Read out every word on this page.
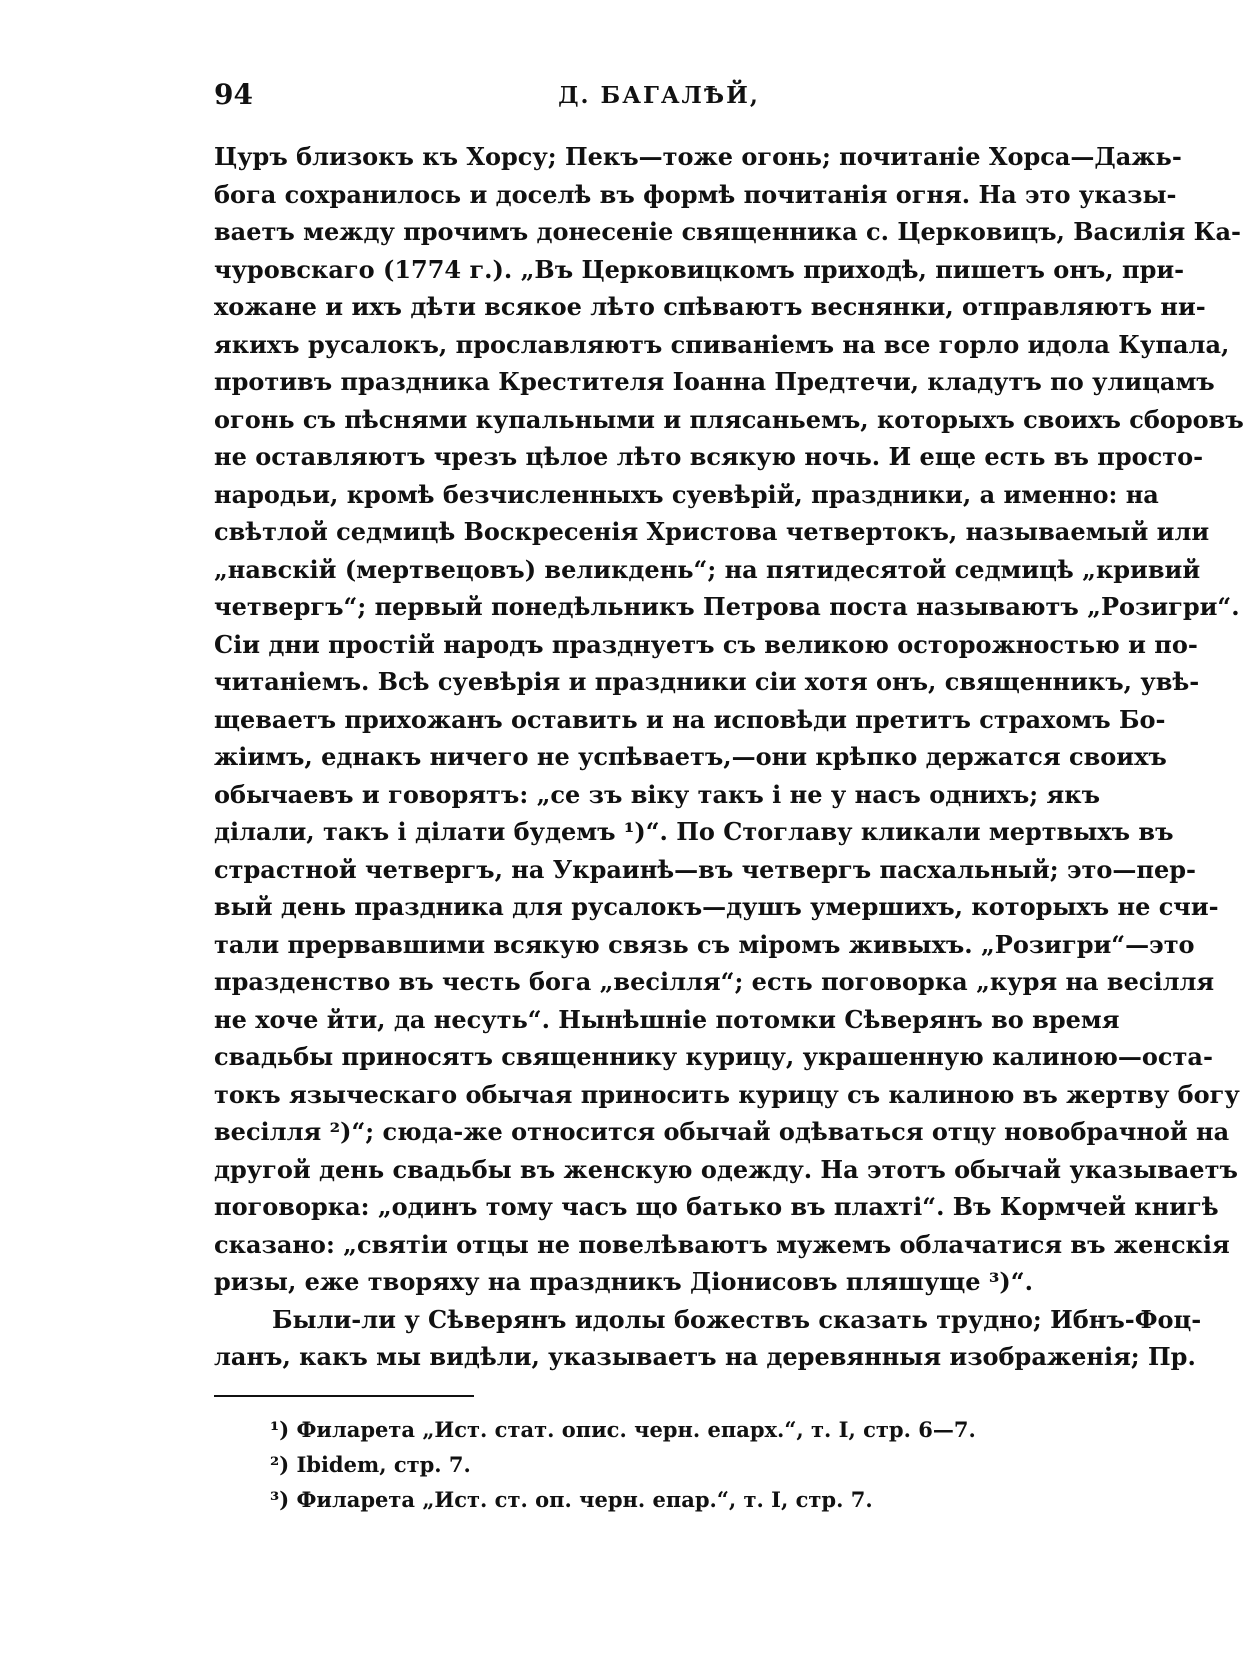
94	Д. БАГАЛѢЙ,
Цуръ близокъ къ Хорсу; Пекъ—тоже огонь; почитаніе Хорса—Дажь-
бога сохранилось и доселѣ въ формѣ почитанія огня. На это указы-
ваетъ между прочимъ донесеніе священника с. Церковицъ, Василія Ка-
чуровскаго (1774 г.). „Въ Церковицкомъ приходѣ, пишетъ онъ, при-
хожане и ихъ дѣти всякое лѣто спѣваютъ веснянки, отправляютъ ни-
якихъ русалокъ, прославляютъ спиваніемъ на все горло идола Купала,
противъ праздника Крестителя Іоанна Предтечи, кладутъ по улицамъ
огонь съ пѣснями купальными и плясаньемъ, которыхъ своихъ сборовъ
не оставляютъ чрезъ цѣлое лѣто всякую ночь. И еще есть въ просто-
народьи, кромѣ безчисленныхъ суевѣрій, праздники, а именно: на
свѣтлой седмицѣ Воскресенія Христова четвертокъ, называемый или
„навскій (мертвецовъ) великдень“; на пятидесятой седмицѣ „кривий
четвергъ“; первый понедѣльникъ Петрова поста называютъ „Розигри“.
Сіи дни простій народъ празднуетъ съ великою осторожностью и по-
читаніемъ. Всѣ суевѣрія и праздники сіи хотя онъ, священникъ, увѣ-
щеваетъ прихожанъ оставить и на исповѣди претитъ страхомъ Бо-
жіимъ, еднакъ ничего не успѣваетъ,—они крѣпко держатся своихъ
обычаевъ и говорятъ: „се зъ віку такъ і не у насъ однихъ; якъ
ділали, такъ і ділати будемъ ¹)“. По Стоглаву кликали мертвыхъ въ
страстной четвергъ, на Украинѣ—въ четвергъ пасхальный; это—пер-
вый день праздника для русалокъ—душъ умершихъ, которыхъ не счи-
тали прервавшими всякую связь съ міромъ живыхъ. „Розигри“—это
празденство въ честь бога „весілля“; есть поговорка „куря на весілля
не хоче йти, да несуть“. Нынѣшніе потомки Сѣверянъ во время
свадьбы приносятъ священнику курицу, украшенную калиною—оста-
токъ языческаго обычая приносить курицу съ калиною въ жертву богу
весілля ²)“; сюда-же относится обычай одѣваться отцу новобрачной на
другой день свадьбы въ женскую одежду. На этотъ обычай указываетъ
поговорка: „одинъ тому часъ що батько въ плахті“. Въ Кормчей книгѣ
сказано: „святіи отцы не повелѣваютъ мужемъ облачатися въ женскія
ризы, еже творяху на праздникъ Діонисовъ пляшуще ³)“.
Были-ли у Сѣверянъ идолы божествъ сказать трудно; Ибнъ-Фоц-
ланъ, какъ мы видѣли, указываетъ на деревянныя изображенія; Пр.
¹) Филарета „Ист. стат. опис. черн. епарх.“, т. I, стр. 6—7.
²) Ibidem, стр. 7.
³) Филарета „Ист. ст. оп. черн. епар.“, т. I, стр. 7.
